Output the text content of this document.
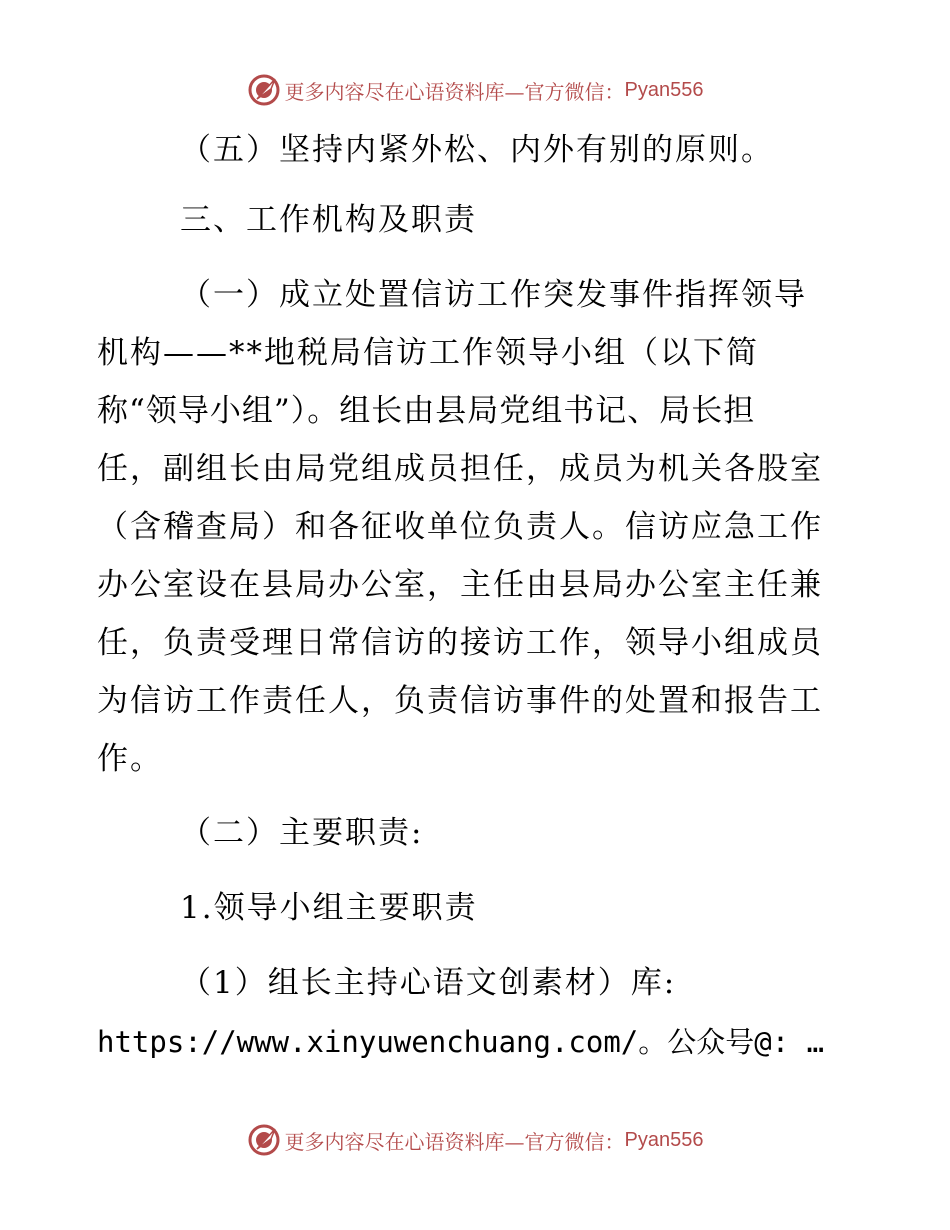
更多内容尽在心语资料库—官方微信： Pyan556
（五）坚持内紧外松、内外有别的原则。
三、工作机构及职责
（一）成立处置信访工作突发事件指挥领导
机构——**地税局信访工作领导小组（以下简
称“领导小组”）。组长由县局党组书记、局长担
任，副组长由局党组成员担任，成员为机关各股室
（含稽查局）和各征收单位负责人。信访应急工作
办公室设在县局办公室，主任由县局办公室主任兼
任，负责受理日常信访的接访工作，领导小组成员
为信访工作责任人，负责信访事件的处置和报告工
作。
（二）主要职责:
1.领导小组主要职责
（1）组长主持心语文创素材）库:
https://www.xinyuwenchuang.com/。公众号@: …
更多内容尽在心语资料库—官方微信： Pyan556
